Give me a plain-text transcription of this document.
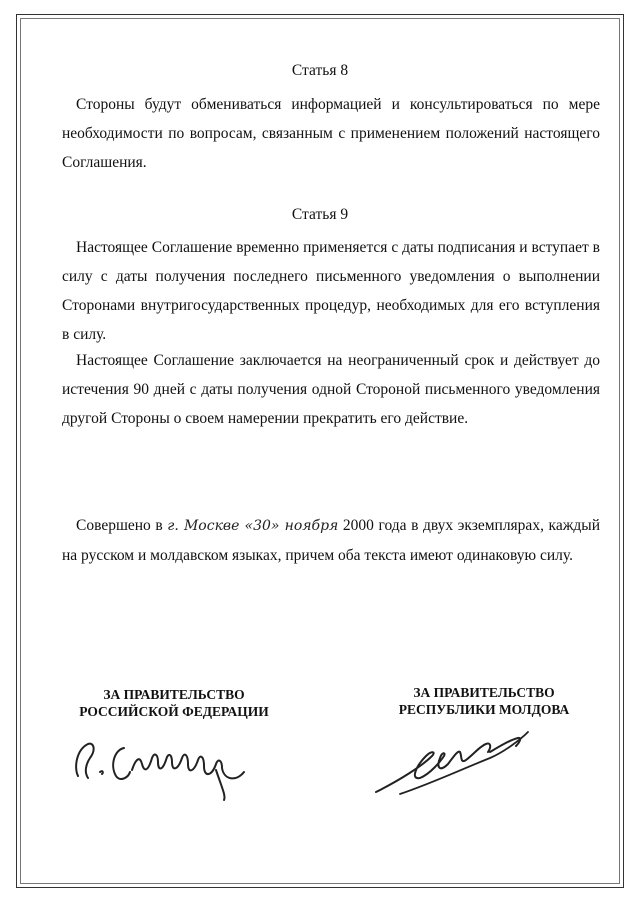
Статья 8
Стороны будут обмениваться информацией и консультироваться по мере необходимости по вопросам, связанным с применением положений настоящего Соглашения.
Статья 9
Настоящее Соглашение временно применяется с даты подписания и вступает в силу с даты получения последнего письменного уведомления о выполнении Сторонами внутригосударственных процедур, необходимых для его вступления в силу.
Настоящее Соглашение заключается на неограниченный срок и действует до истечения 90 дней с даты получения одной Стороной письменного уведомления другой Стороны о своем намерении прекратить его действие.
Совершено в г. Москве «30» ноября 2000 года в двух экземплярах, каждый на русском и молдавском языках, причем оба текста имеют одинаковую силу.
ЗА ПРАВИТЕЛЬСТВО
РОССИЙСКОЙ ФЕДЕРАЦИИ
ЗА ПРАВИТЕЛЬСТВО
РЕСПУБЛИКИ МОЛДОВА
